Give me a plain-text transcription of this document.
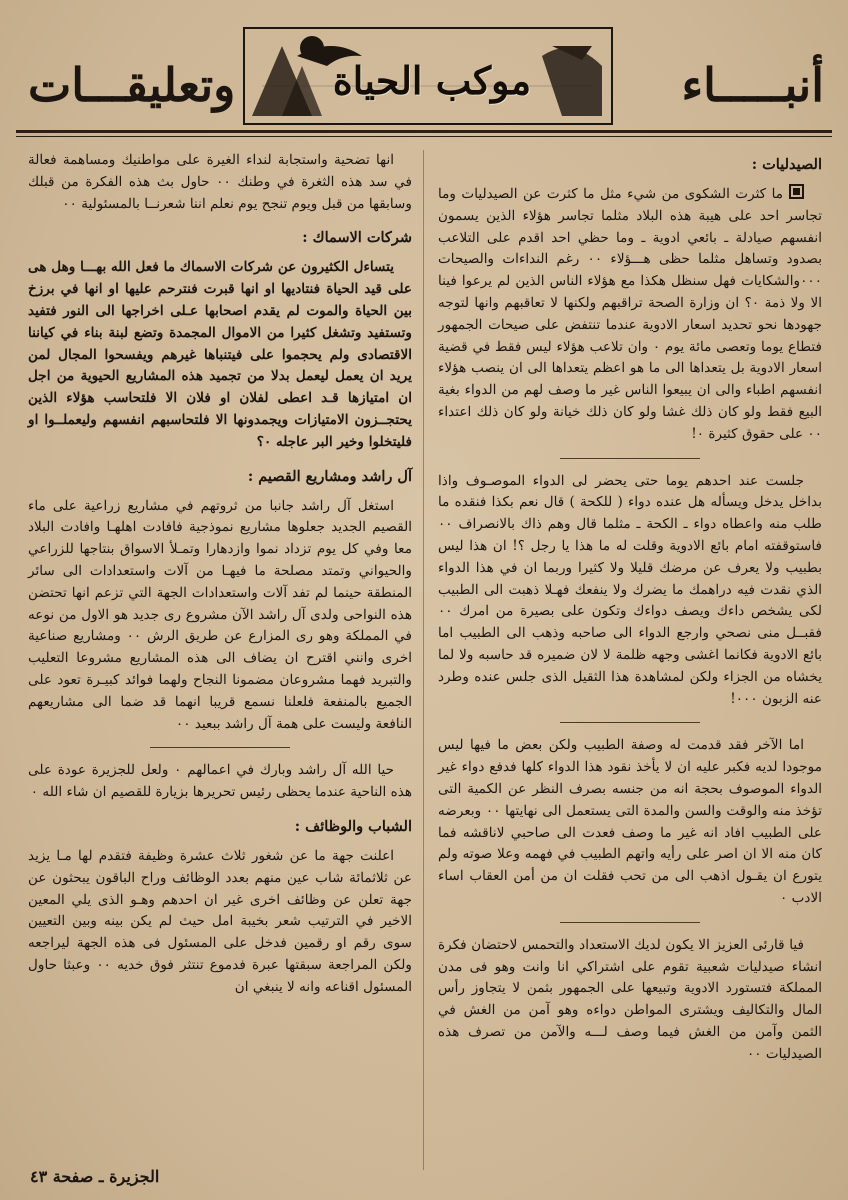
أنبـــــاء
وتعليقـــات	موكب الحياة
الصيدليات :

ما كثرت الشكوى من شيء مثل ما كثرت عن الصيدليات وما تجاسر احد على هيبة هذه البلاد مثلما تجاسر هؤلاء الذين يسمون انفسهم صيادلة ـ بائعي ادوية ـ وما حظي احد اقدم على التلاعب بصدود وتساهل مثلما حظى هـــؤلاء ٠٠ رغم النداءات والصيحات ٠٠٠والشكايات فهل سنظل هكذا مع هؤلاء الناس الذين لم يرعوا فينا الا ولا ذمة ٠؟ ان وزارة الصحة تراقبهم ولكنها لا تعاقبهم وانها لتوجه جهودها نحو تحديد اسعار الادوية عندما تنتفض على صيحات الجمهور فتطاع يوما وتعصى مائة يوم ٠ وان تلاعب هؤلاء ليس فقط في قضية اسعار الادوية بل يتعداها الى ما هو اعظم يتعداها الى ان ينصب هؤلاء انفسهم اطباء والى ان يبيعوا الناس غير ما وصف لهم من الدواء بغية البيع فقط ولو كان ذلك غشا ولو كان ذلك خيانة ولو كان ذلك اعتداء ٠٠ على حقوق كثيرة ٠!

جلست عند احدهم يوما حتى يحضر لى الدواء الموصـوف واذا بداخل يدخل ويسأله هل عنده دواء ( للكحة ) قال نعم بكذا فنقده ما طلب منه واعطاه دواء ـ الكحة ـ مثلما قال وهم ذاك بالانصراف ٠٠ فاستوقفته امام بائع الادوية وقلت له ما هذا يا رجل ؟! ان هذا ليس بطبيب ولا يعرف عن مرضك قليلا ولا كثيرا وربما ان في هذا الدواء الذي نقدت فيه دراهمك ما يضرك ولا ينفعك فهـلا ذهبت الى الطبيب لكى يشخص داءك ويصف دواءك وتكون على بصيرة من امرك ٠٠ فقبــل منى نصحي وارجع الدواء الى صاحبه وذهب الى الطبيب اما بائع الادوية فكانما اغشى وجهه ظلمة لا لان ضميره قد حاسبه ولا لما يخشاه من الجزاء ولكن لمشاهدة هذا الثقيل الذى جلس عنده وطرد عنه الزبون ٠٠٠!

اما الآخر فقد قدمت له وصفة الطبيب ولكن بعض ما فيها ليس موجودا لديه فكبر عليه ان لا يأخذ نقود هذا الدواء كلها فدفع دواء غير الدواء الموصوف بحجة انه من جنسه بصرف النظر عن الكمية التى تؤخذ منه والوقت والسن والمدة التى يستعمل الى نهايتها ٠٠ وبعرضه على الطبيب افاد انه غير ما وصف فعدت الى صاحبي لاناقشه فما كان منه الا ان اصر على رأيه واتهم الطبيب في فهمه وعلا صوته ولم يتورع ان يقـول اذهب الى من تحب فقلت ان من أمن العقاب اساء الادب ٠

فيا قارئى العزيز الا يكون لديك الاستعداد والتحمس لاحتضان فكرة انشاء صيدليات شعبية تقوم على اشتراكي انا وانت وهو فى مدن المملكة فتستورد الادوية وتبيعها على الجمهور بثمن لا يتجاوز رأس المال والتكاليف ويشترى المواطن دواءه وهو آمن من الغش في الثمن وآمن من الغش فيما وصف لـــه والآمن من تصرف هذه الصيدليات ٠٠

انها تضحية واستجابة لنداء الغيرة على مواطنيك ومساهمة فعالة في سد هذه الثغرة في وطنك ٠٠ حاول بث هذه الفكرة من قبلك وسابقها من قبل ويوم تنجح يوم نعلم اننا شعرنــا بالمسئولية ٠٠

شركات الاسماك :

يتساءل الكثيرون عن شركات الاسماك ما فعل الله بهـــا وهل هى على قيد الحياة فنتاديها او انها قبرت فنترحم عليها او انها في برزخ بين الحياة والموت لم يقدم اصحابها عـلى اخراجها الى النور فتفيد وتستفيد وتشغل كثيرا من الاموال المجمدة وتضع لبنة بناء في كياننا الاقتصادى ولم يحجموا على فيتنباها غيرهم ويفسحوا المجال لمن يريد ان يعمل ليعمل بدلا من تجميد هذه المشاريع الحيوية من اجل ان امتيازها قـد اعطى لفلان او فلان الا فلتحاسب هؤلاء الذين يحتجــزون الامتيازات ويجمدونها الا فلتحاسبهم انفسهم وليعملــوا او فليتخلوا وخير البر عاجله ٠؟

آل راشد ومشاريع القصيم :

استغل آل راشد جانبا من ثروتهم في مشاريع زراعية على ماء القصيم الجديد جعلوها مشاريع نموذجية فافادت اهلهـا وافادت البلاد معا وفي كل يوم تزداد نموا وازدهارا وتمـلأ الاسواق بنتاجها للزراعي والحيواني وتمتد مصلحة ما فيهـا من آلات واستعدادات الى سائر المنطقة حينما لم تفد آلات واستعدادات الجهة التي تزعم انها تحتضن هذه النواحى ولدى آل راشد الآن مشروع رى جديد هو الاول من نوعه في المملكة وهو رى المزارع عن طريق الرش ٠٠ ومشاريع صناعية اخرى وانني اقترح ان يضاف الى هذه المشاريع مشروعا التعليب والتبريد فهما مشروعان مضمونا النجاح ولهما فوائد كبيـرة تعود على الجميع بالمنفعة فلعلنا نسمع قريبا انهما قد ضما الى مشاريعهم النافعة وليست على همة آل راشد ببعيد ٠٠

حيا الله آل راشد وبارك في اعمالهم ٠ ولعل للجزيرة عودة على هذه الناحية عندما يحظى رئيس تحريرها بزيارة للقصيم ان شاء الله ٠

الشباب والوظائف :

اعلنت جهة ما عن شغور ثلاث عشرة وظيفة فتقدم لها مـا يزيد عن ثلاثمائة شاب عين منهم بعدد الوظائف وراح الباقون يبحثون عن جهة تعلن عن وظائف اخرى غير ان احدهم وهـو الذى يلي المعين الاخير في الترتيب شعر بخيبة امل حيث لم يكن بينه وبين التعيين سوى رقم او رقمين فدخل على المسئول فى هذه الجهة ليراجعه ولكن المراجعة سبقتها عبرة فدموع تنتثر فوق خديه ٠٠ وعبثا حاول المسئول اقناعه وانه لا ينبغي ان

الجزيرة ـ صفحة ٤٣
